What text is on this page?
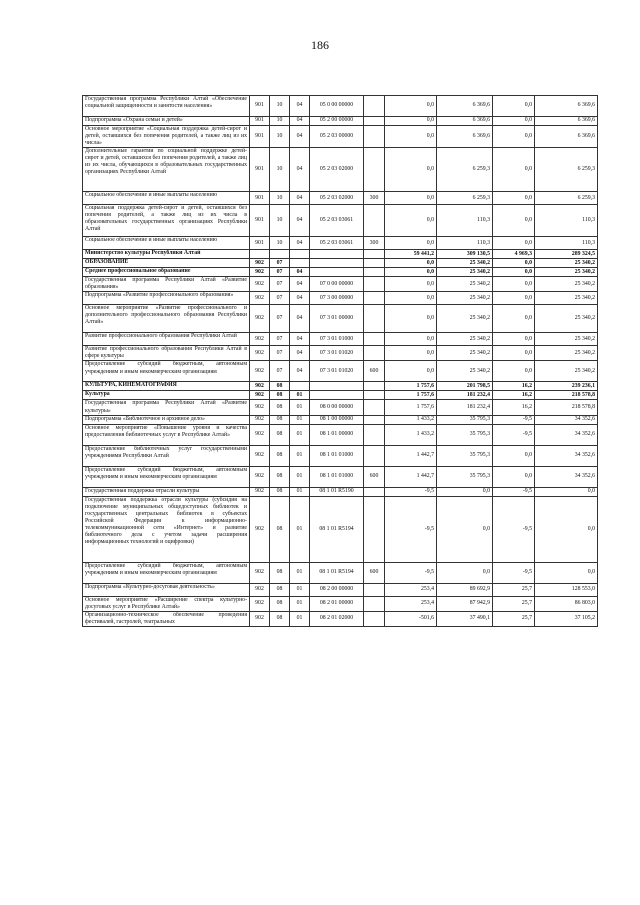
186
Государственная программа Республики Алтай «Обеспечение социальной защищенности и занятости населения»	901	10	04	05 0 00 00000		0,0	6 369,6	0,0	6 369,6
Подпрограмма «Охрана семьи и детей»	901	10	04	05 2 00 00000		0,0	6 369,6	0,0	6 369,6
Основное мероприятие «Социальная поддержка детей-сирот и детей, оставшихся без попечения родителей, а также лиц из их числа»	901	10	04	05 2 03 00000		0,0	6 369,6	0,0	6 369,6
Дополнительные гарантии по социальной поддержке детей-сирот и детей, оставшихся без попечения родителей, а также лиц из их числа, обучающихся в образовательных государственных организациях Республики Алтай	901	10	04	05 2 03 02000		0,0	6 259,3	0,0	6 259,3
Социальное обеспечение и иные выплаты населению	901	10	04	05 2 03 02000	300	0,0	6 259,3	0,0	6 259,3
Социальная поддержка детей-сирот и детей, оставшихся без попечения родителей, а также лиц из их числа в образовательных государственных организациях Республики Алтай	901	10	04	05 2 03 03061		0,0	110,3	0,0	110,3
Социальное обеспечение и иные выплаты населению	901	10	04	05 2 03 03061	300	0,0	110,3	0,0	110,3
Министерство культуры Республики Алтай						59 441,2	309 130,5	4 969,3	289 324,5
ОБРАЗОВАНИЕ	902	07				0,0	25 340,2	0,0	25 340,2
Среднее профессиональное образование	902	07	04			0,0	25 340,2	0,0	25 340,2
Государственная программа Республики Алтай «Развитие образования»	902	07	04	07 0 00 00000		0,0	25 340,2	0,0	25 340,2
Подпрограмма «Развитие профессионального образования»	902	07	04	07 3 00 00000		0,0	25 340,2	0,0	25 340,2
Основное мероприятие «Развитие профессионального и дополнительного профессионального образования Республики Алтай»	902	07	04	07 3 01 00000		0,0	25 340,2	0,0	25 340,2
Развитие профессионального образования Республики Алтай	902	07	04	07 3 01 01000		0,0	25 340,2	0,0	25 340,2
Развитие профессионального образования Республики Алтай в сфере культуры	902	07	04	07 3 01 01020		0,0	25 340,2	0,0	25 340,2
Предоставление субсидий бюджетным, автономным учреждениям и иным некоммерческим организациям	902	07	04	07 3 01 01020	600	0,0	25 340,2	0,0	25 340,2
КУЛЬТУРА, КИНЕМАТОГРАФИЯ	902	08				1 757,6	201 798,5	16,2	239 236,1
Культура	902	08	01			1 757,6	181 232,4	16,2	218 578,8
Государственная программа Республики Алтай «Развитие культуры»	902	08	01	08 0 00 00000		1 757,6	181 232,4	16,2	218 578,8
Подпрограмма «Библиотечное и архивное дело»	902	08	01	08 1 00 00000		1 433,2	35 795,3	-9,5	34 352,6
Основное мероприятие «Повышение уровня и качества предоставления библиотечных услуг в Республике Алтай»	902	08	01	08 1 01 00000		1 433,2	35 795,3	-9,5	34 352,6
Предоставление библиотечных услуг государственными учреждениями Республики Алтай	902	08	01	08 1 01 01000		1 442,7	35 795,3	0,0	34 352,6
Предоставление субсидий бюджетным, автономным учреждениям и иным некоммерческим организациям	902	08	01	08 1 01 01000	600	1 442,7	35 795,3	0,0	34 352,6
Государственная поддержка отрасли культуры	902	08	01	08 1 01 R5190		-9,5	0,0	-9,5	0,0
Государственная поддержка отрасли культуры (субсидия на подключение муниципальных общедоступных библиотек и государственных центральных библиотек в субъектах Российской Федерации к информационно-телекоммуникационной сети «Интернет» и развитие библиотечного дела с учетом задачи расширения информационных технологий и оцифровки)	902	08	01	08 1 01 R5194		-9,5	0,0	-9,5	0,0
Предоставление субсидий бюджетным, автономным учреждениям и иным некоммерческим организациям	902	08	01	08 1 01 R5194	600	-9,5	0,0	-9,5	0,0
Подпрограмма «Культурно-досуговая деятельность»	902	08	01	08 2 00 00000		253,4	89 692,9	25,7	128 553,0
Основное мероприятие «Расширение спектра культурно-досуговых услуг в Республике Алтай»	902	08	01	08 2 01 00000		253,4	87 942,9	25,7	86 803,0
Организационно-техническое обеспечение проведения фестивалей, гастролей, театральных	902	08	01	08 2 01 02000		-501,6	37 490,1	25,7	37 105,2
